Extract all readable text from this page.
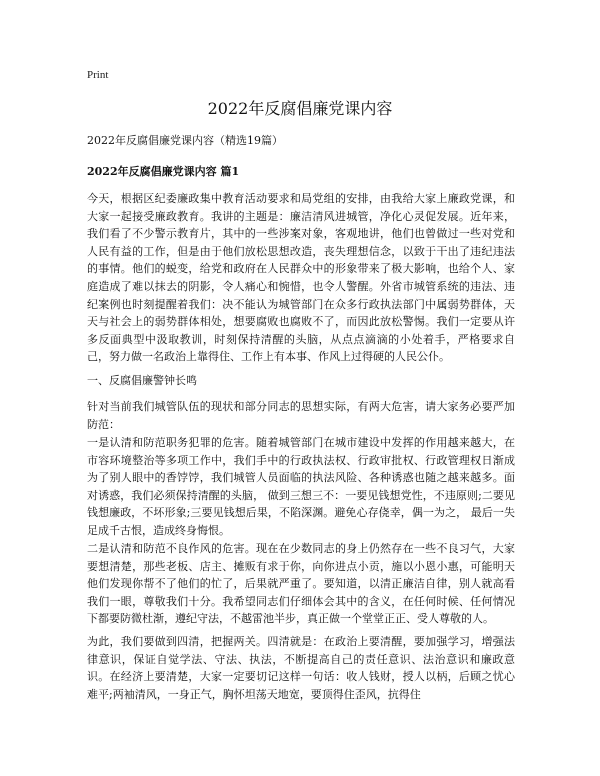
Print
2022年反腐倡廉党课内容
2022年反腐倡廉党课内容（精选19篇）
2022年反腐倡廉党课内容 篇1

今天，根据区纪委廉政集中教育活动要求和局党组的安排，由我给大家上廉政党课，和大家一起接受廉政教育。我讲的主题是：廉洁清风进城管，净化心灵促发展。近年来，我们看了不少警示教育片，其中的一些涉案对象，客观地讲，他们也曾做过一些对党和人民有益的工作，但是由于他们放松思想改造，丧失理想信念，以致于干出了违纪违法的事情。他们的蜕变，给党和政府在人民群众中的形象带来了极大影响，也给个人、家庭造成了难以抹去的阴影，令人痛心和惋惜，也令人警醒。外省市城管系统的违法、违纪案例也时刻提醒着我们：决不能认为城管部门在众多行政执法部门中属弱势群体，天天与社会上的弱势群体相处，想要腐败也腐败不了，而因此放松警惕。我们一定要从许多反面典型中汲取教训，时刻保持清醒的头脑，从点点滴滴的小处着手，严格要求自己，努力做一名政治上靠得住、工作上有本事、作风上过得硬的人民公仆。

一、反腐倡廉警钟长鸣

针对当前我们城管队伍的现状和部分同志的思想实际，有两大危害，请大家务必要严加防范：

一是认清和防范职务犯罪的危害。随着城管部门在城市建设中发挥的作用越来越大，在市容环境整治等多项工作中，我们手中的行政执法权、行政审批权、行政管理权日渐成为了别人眼中的香饽饽，我们城管人员面临的执法风险、各种诱惑也随之越来越多。面对诱惑，我们必须保持清醒的头脑， 做到三想三不：一要见钱想党性，不违原则;二要见钱想廉政，不坏形象;三要见钱想后果，不陷深渊。避免心存侥幸，偶一为之， 最后一失足成千古恨，造成终身悔恨。

二是认清和防范不良作风的危害。现在在少数同志的身上仍然存在一些不良习气，大家要想清楚，那些老板、店主、摊贩有求于你，向你进点小贡，施以小恩小惠，可能明天他们发现你帮不了他们的忙了，后果就严重了。要知道，以清正廉洁自律，别人就高看我们一眼，尊敬我们十分。我希望同志们仔细体会其中的含义，在任何时候、任何情况下都要防微杜渐，遵纪守法，不越雷池半步，真正做一个堂堂正正、受人尊敬的人。

为此，我们要做到四清，把握两关。四清就是：在政治上要清醒，要加强学习，增强法律意识，保证自觉学法、守法、执法，不断提高自己的责任意识、法治意识和廉政意识。在经济上要清楚，大家一定要切记这样一句话：收人钱财，授人以柄，后顾之忧心难平;两袖清风，一身正气，胸怀坦荡天地宽，要顶得住歪风，抗得住
